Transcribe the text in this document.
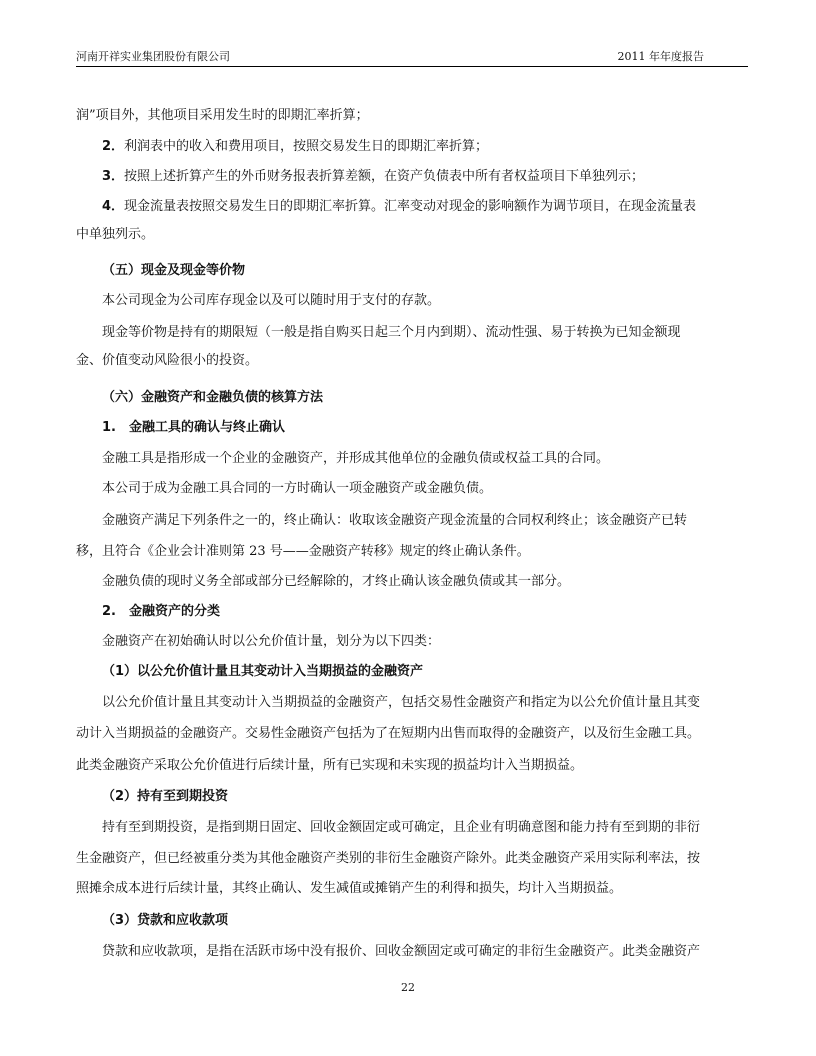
河南开祥实业集团股份有限公司	2011 年年度报告
润”项目外，其他项目采用发生时的即期汇率折算；
2．利润表中的收入和费用项目，按照交易发生日的即期汇率折算；
3．按照上述折算产生的外币财务报表折算差额，在资产负债表中所有者权益项目下单独列示；
4．现金流量表按照交易发生日的即期汇率折算。汇率变动对现金的影响额作为调节项目，在现金流量表
中单独列示。
（五）现金及现金等价物
本公司现金为公司库存现金以及可以随时用于支付的存款。
现金等价物是持有的期限短（一般是指自购买日起三个月内到期）、流动性强、易于转换为已知金额现
金、价值变动风险很小的投资。
（六）金融资产和金融负债的核算方法
1.　金融工具的确认与终止确认
金融工具是指形成一个企业的金融资产，并形成其他单位的金融负债或权益工具的合同。
本公司于成为金融工具合同的一方时确认一项金融资产或金融负债。
金融资产满足下列条件之一的，终止确认：收取该金融资产现金流量的合同权利终止；该金融资产已转
移，且符合《企业会计准则第 23 号——金融资产转移》规定的终止确认条件。
金融负债的现时义务全部或部分已经解除的，才终止确认该金融负债或其一部分。
2.　金融资产的分类
金融资产在初始确认时以公允价值计量，划分为以下四类：
（1）以公允价值计量且其变动计入当期损益的金融资产
以公允价值计量且其变动计入当期损益的金融资产，包括交易性金融资产和指定为以公允价值计量且其变
动计入当期损益的金融资产。交易性金融资产包括为了在短期内出售而取得的金融资产，以及衍生金融工具。
此类金融资产采取公允价值进行后续计量，所有已实现和未实现的损益均计入当期损益。
（2）持有至到期投资
持有至到期投资，是指到期日固定、回收金额固定或可确定，且企业有明确意图和能力持有至到期的非衍
生金融资产，但已经被重分类为其他金融资产类别的非衍生金融资产除外。此类金融资产采用实际利率法，按
照摊余成本进行后续计量，其终止确认、发生减值或摊销产生的利得和损失，均计入当期损益。
（3）贷款和应收款项
贷款和应收款项，是指在活跃市场中没有报价、回收金额固定或可确定的非衍生金融资产。此类金融资产
22
